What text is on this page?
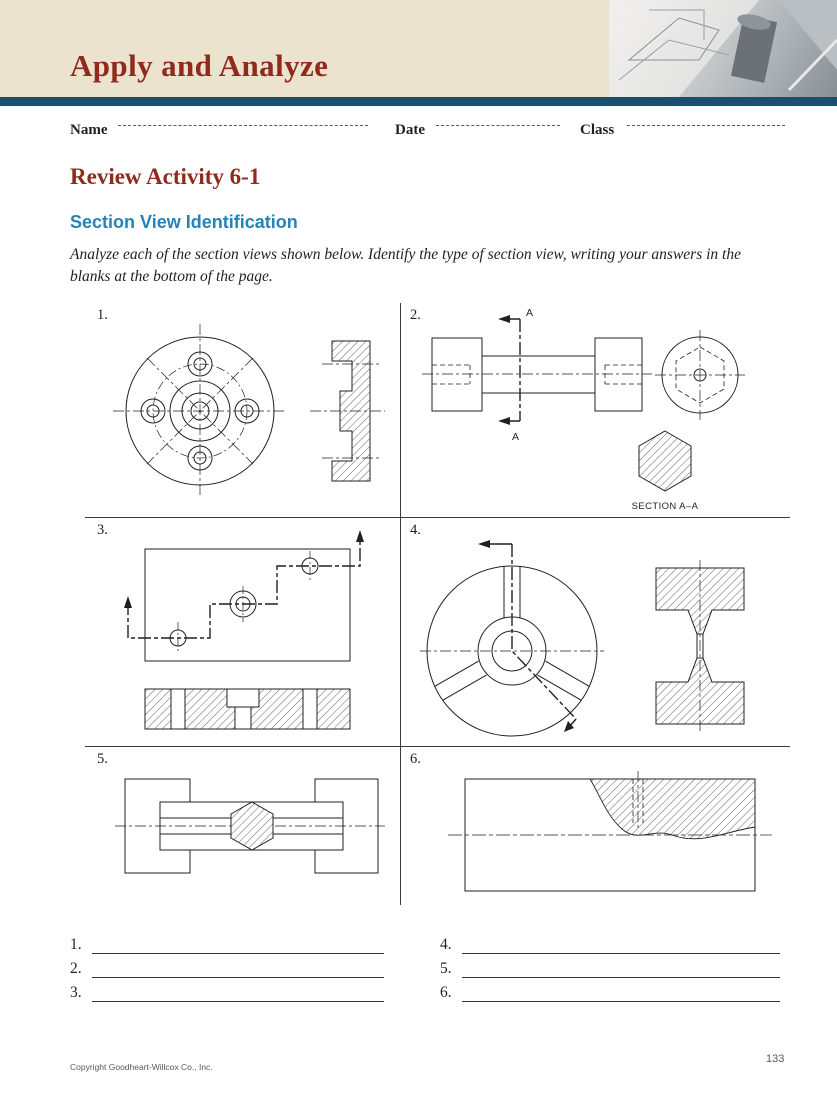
Apply and Analyze
Name	Date	Class
Review Activity 6-1
Section View Identification
Analyze each of the section views shown below. Identify the type of section view, writing your answers in the blanks at the bottom of the page.
1.	2.	A
A
SECTION A–A
3.	4.
5.	6.
1.
2.
3.
4.
5.
6.
Copyright Goodheart-Willcox Co., Inc.
133
